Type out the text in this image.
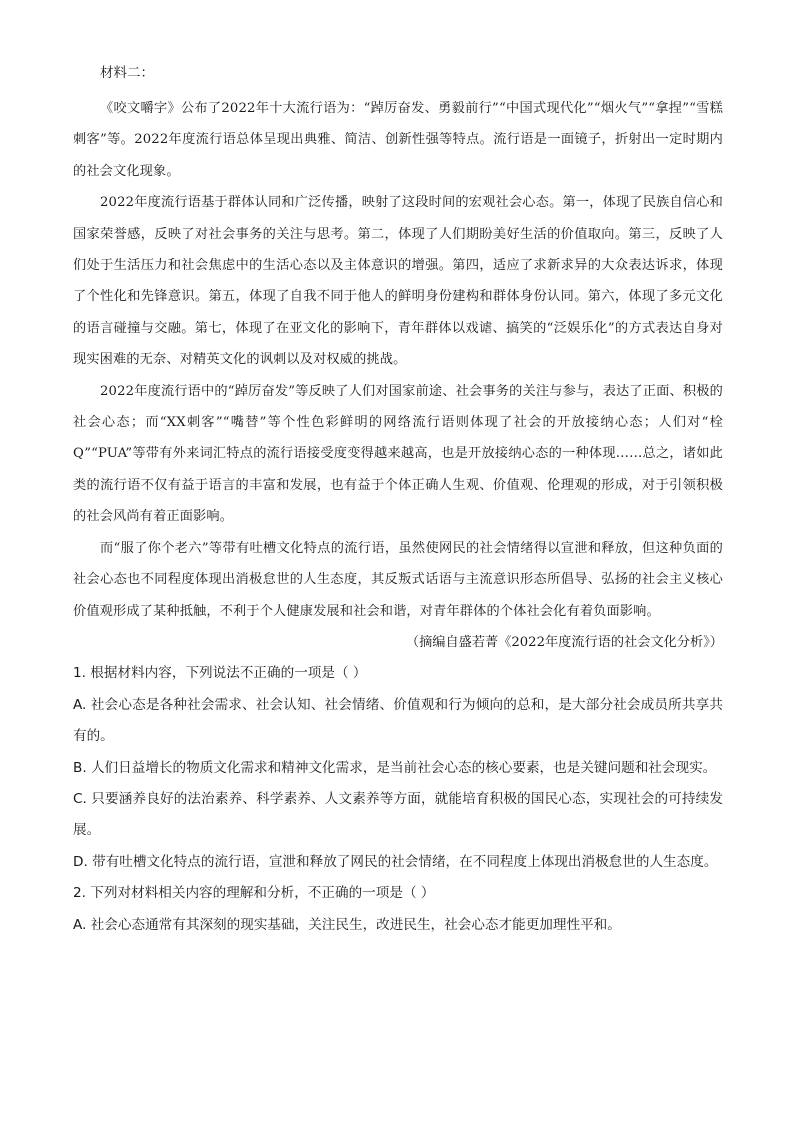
材料二：

《咬文嚼字》公布了2022年十大流行语为：“踔厉奋发、勇毅前行”“中国式现代化”“烟火气”“拿捏”“雪糕刺客”等。2022年度流行语总体呈现出典雅、简洁、创新性强等特点。流行语是一面镜子，折射出一定时期内的社会文化现象。

2022年度流行语基于群体认同和广泛传播，映射了这段时间的宏观社会心态。第一，体现了民族自信心和国家荣誉感，反映了对社会事务的关注与思考。第二，体现了人们期盼美好生活的价值取向。第三，反映了人们处于生活压力和社会焦虑中的生活心态以及主体意识的增强。第四，适应了求新求异的大众表达诉求，体现了个性化和先锋意识。第五，体现了自我不同于他人的鲜明身份建构和群体身份认同。第六，体现了多元文化的语言碰撞与交融。第七，体现了在亚文化的影响下，青年群体以戏谑、搞笑的“泛娱乐化”的方式表达自身对现实困难的无奈、对精英文化的讽刺以及对权威的挑战。

2022年度流行语中的“踔厉奋发”等反映了人们对国家前途、社会事务的关注与参与，表达了正面、积极的社会心态；而“XX刺客”“嘴替”等个性色彩鲜明的网络流行语则体现了社会的开放接纳心态；人们对“栓Q”“PUA”等带有外来词汇特点的流行语接受度变得越来越高，也是开放接纳心态的一种体现……总之，诸如此类的流行语不仅有益于语言的丰富和发展，也有益于个体正确人生观、价值观、伦理观的形成，对于引领积极的社会风尚有着正面影响。

而“服了你个老六”等带有吐槽文化特点的流行语，虽然使网民的社会情绪得以宣泄和释放，但这种负面的社会心态也不同程度体现出消极怠世的人生态度，其反叛式话语与主流意识形态所倡导、弘扬的社会主义核心价值观形成了某种抵触，不利于个人健康发展和社会和谐，对青年群体的个体社会化有着负面影响。

（摘编自盛若菁《2022年度流行语的社会文化分析》）

1. 根据材料内容，下列说法不正确的一项是（ ）

A. 社会心态是各种社会需求、社会认知、社会情绪、价值观和行为倾向的总和，是大部分社会成员所共享共有的。

B. 人们日益增长的物质文化需求和精神文化需求，是当前社会心态的核心要素，也是关键问题和社会现实。

C. 只要涵养良好的法治素养、科学素养、人文素养等方面，就能培育积极的国民心态，实现社会的可持续发展。

D. 带有吐槽文化特点的流行语，宣泄和释放了网民的社会情绪，在不同程度上体现出消极怠世的人生态度。

2. 下列对材料相关内容的理解和分析，不正确的一项是（ ）

A. 社会心态通常有其深刻的现实基础，关注民生，改进民生，社会心态才能更加理性平和。
